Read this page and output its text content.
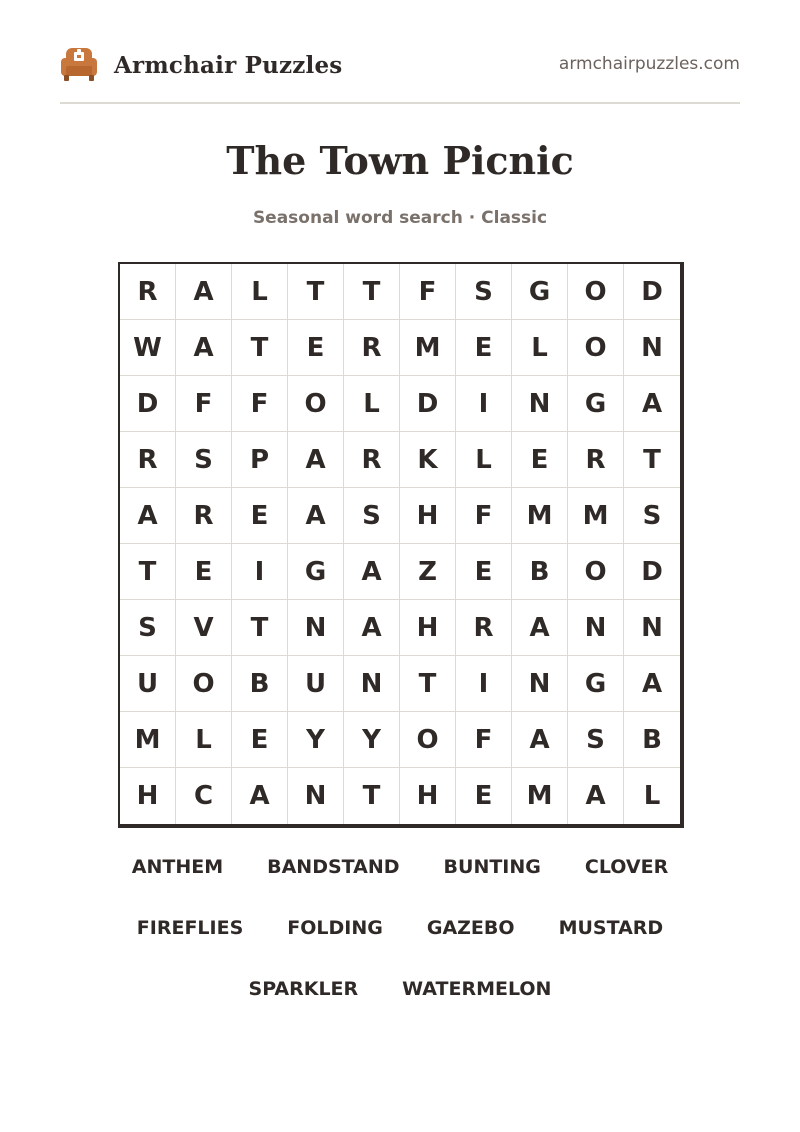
Armchair Puzzles	armchairpuzzles.com
The Town Picnic
Seasonal word search · Classic
R	A	L	T	T	F	S	G	O	D
W	A	T	E	R	M	E	L	O	N
D	F	F	O	L	D	I	N	G	A
R	S	P	A	R	K	L	E	R	T
A	R	E	A	S	H	F	M	M	S
T	E	I	G	A	Z	E	B	O	D
S	V	T	N	A	H	R	A	N	N
U	O	B	U	N	T	I	N	G	A
M	L	E	Y	Y	O	F	A	S	B
H	C	A	N	T	H	E	M	A	L
ANTHEM BANDSTAND BUNTING CLOVER
FIREFLIES FOLDING GAZEBO MUSTARD
SPARKLER WATERMELON
